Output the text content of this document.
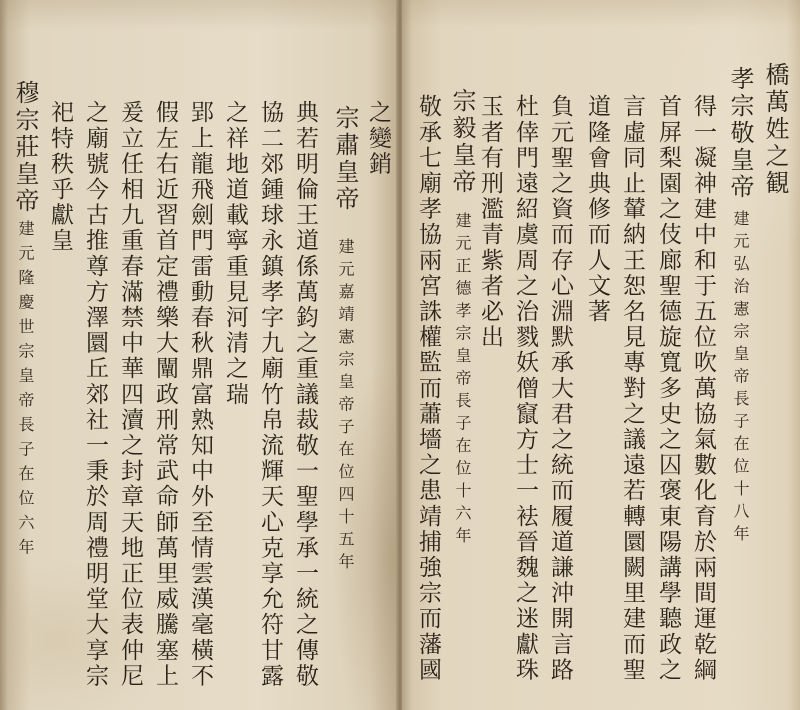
之變銷
宗肅皇帝
建元嘉靖憲宗皇帝子在位四十五年
典若明倫王道係萬鈞之重議裁敬一聖學承一統之傳敬
協二郊鍾球永鎮孝字九廟竹帛流輝天心克享允符甘露
之祥地道載寧重見河清之瑞
郢上龍飛劍門雷動春秋鼎富熟知中外至情雲漢毫橫不
假左右近習首定禮樂大闡政刑常武命師萬里威騰塞上
爰立任相九重春滿禁中華四瀆之封章天地正位表仲尼
之廟號今古推尊方澤圜丘郊社一秉於周禮明堂大享宗
祀特秩乎獻皇
穆宗莊皇帝
建元隆慶世宗皇帝長子在位六年
橋萬姓之観
孝宗敬皇帝
建元弘治憲宗皇帝長子在位十八年
得一凝神建中和于五位吹萬協氣數化育於兩間運乾綱
首屏梨園之伎廊聖德旋寬多史之囚褒東陽講學聽政之
言虛同止輦納王恕名見專對之議遠若轉圜闕里建而聖
道隆會典修而人文著
負元聖之資而存心淵默承大君之統而履道謙沖開言路
杜倖門遠紹虞周之治戮妖僧竄方士一袪晉魏之迷獻珠
玉者有刑濫青紫者必出
宗毅皇帝
建元正德孝宗皇帝長子在位十六年
敬承七廟孝協兩宮誅權監而蕭墻之患靖捕強宗而藩國
